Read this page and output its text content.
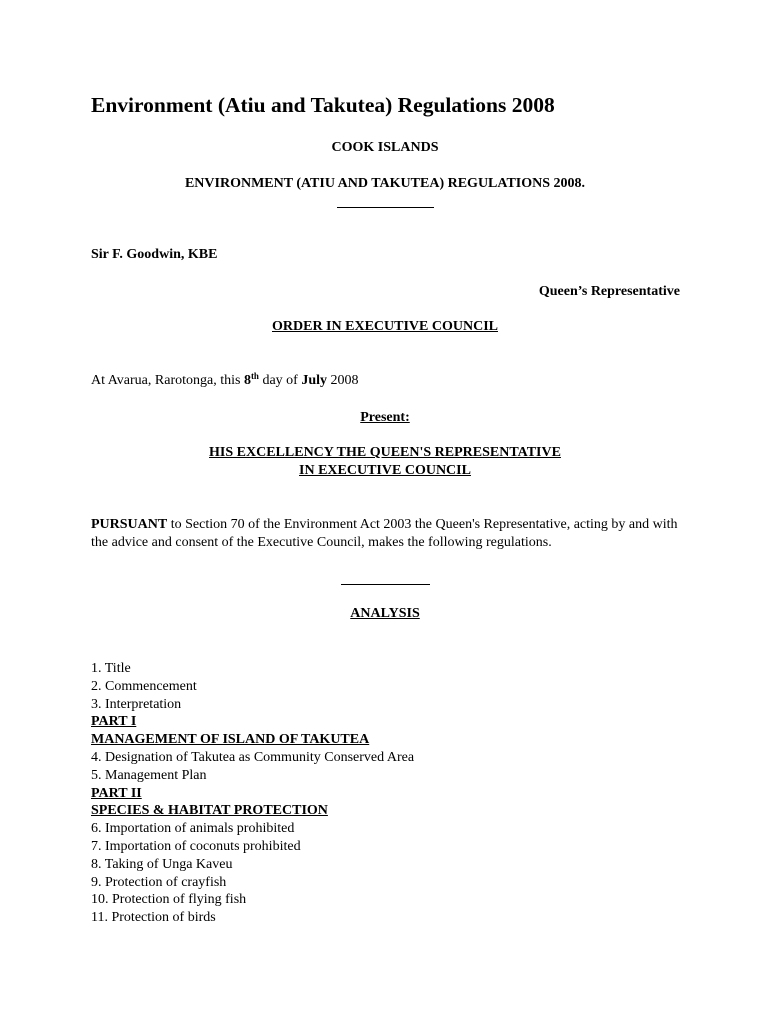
Environment (Atiu and Takutea) Regulations 2008
COOK ISLANDS
ENVIRONMENT (ATIU AND TAKUTEA) REGULATIONS 2008.
Sir F. Goodwin, KBE
Queen’s Representative
ORDER IN EXECUTIVE COUNCIL
At Avarua, Rarotonga, this 8th day of July 2008
Present:
HIS EXCELLENCY THE QUEEN'S REPRESENTATIVE
IN EXECUTIVE COUNCIL
PURSUANT to Section 70 of the Environment Act 2003 the Queen's Representative, acting by and with the advice and consent of the Executive Council, makes the following regulations.
ANALYSIS
1. Title
2. Commencement
3. Interpretation
PART I
MANAGEMENT OF ISLAND OF TAKUTEA
4. Designation of Takutea as Community Conserved Area
5. Management Plan
PART II
SPECIES & HABITAT PROTECTION
6. Importation of animals prohibited
7. Importation of coconuts prohibited
8. Taking of Unga Kaveu
9. Protection of crayfish
10. Protection of flying fish
11. Protection of birds
